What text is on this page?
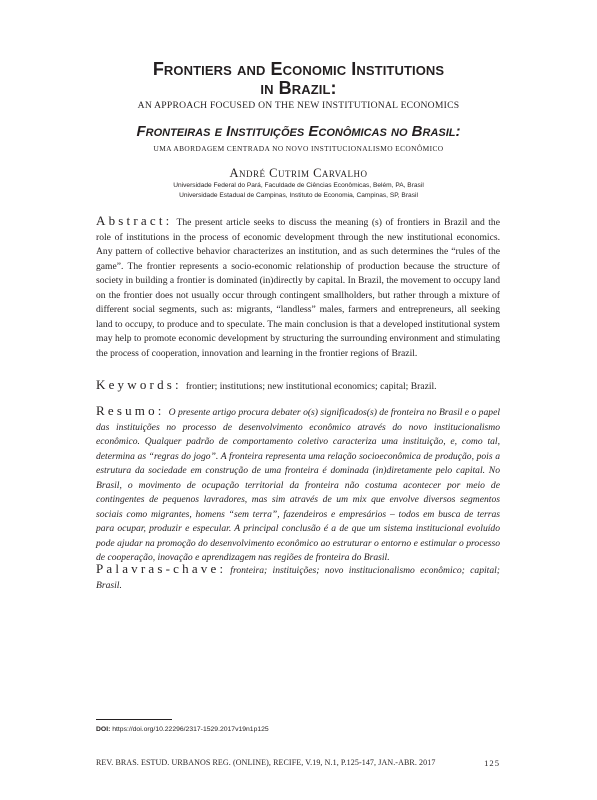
Frontiers and Economic Institutions
in Brazil:
AN APPROACH FOCUSED ON THE NEW INSTITUTIONAL ECONOMICS
Fronteiras e Instituições Econômicas no Brasil:
UMA ABORDAGEM CENTRADA NO NOVO INSTITUCIONALISMO ECONÔMICO
André Cutrim Carvalho
Universidade Federal do Pará, Faculdade de Ciências Econômicas, Belém, PA, Brasil
Universidade Estadual de Campinas, Instituto de Economia, Campinas, SP, Brasil
Abstract: The present article seeks to discuss the meaning (s) of frontiers in Brazil and the role of institutions in the process of economic development through the new institutional economics. Any pattern of collective behavior characterizes an institution, and as such determines the “rules of the game”. The frontier represents a socio-economic relationship of production because the structure of society in building a frontier is dominated (in)directly by capital. In Brazil, the movement to occupy land on the frontier does not usually occur through contingent smallholders, but rather through a mixture of different social segments, such as: migrants, “landless” males, farmers and entrepreneurs, all seeking land to occupy, to produce and to speculate. The main conclusion is that a developed institutional system may help to promote economic development by structuring the surrounding environment and stimulating the process of cooperation, innovation and learning in the frontier regions of Brazil.
Keywords: frontier; institutions; new institutional economics; capital; Brazil.
Resumo: O presente artigo procura debater o(s) significados(s) de fronteira no Brasil e o papel das instituições no processo de desenvolvimento econômico através do novo institucionalismo econômico. Qualquer padrão de comportamento coletivo caracteriza uma instituição, e, como tal, determina as “regras do jogo”. A fronteira representa uma relação socioeconômica de produção, pois a estrutura da sociedade em construção de uma fronteira é dominada (in)diretamente pelo capital. No Brasil, o movimento de ocupação territorial da fronteira não costuma acontecer por meio de contingentes de pequenos lavradores, mas sim através de um mix que envolve diversos segmentos sociais como migrantes, homens “sem terra”, fazendeiros e empresários – todos em busca de terras para ocupar, produzir e especular. A principal conclusão é a de que um sistema institucional evoluído pode ajudar na promoção do desenvolvimento econômico ao estruturar o entorno e estimular o processo de cooperação, inovação e aprendizagem nas regiões de fronteira do Brasil.
Palavras-chave: fronteira; instituições; novo institucionalismo econômico; capital; Brasil.
DOI: https://doi.org/10.22296/2317-1529.2017v19n1p125
REV. BRAS. ESTUD. URBANOS REG. (ONLINE), RECIFE, V.19, N.1, P.125-147, JAN.-ABR. 2017	125
